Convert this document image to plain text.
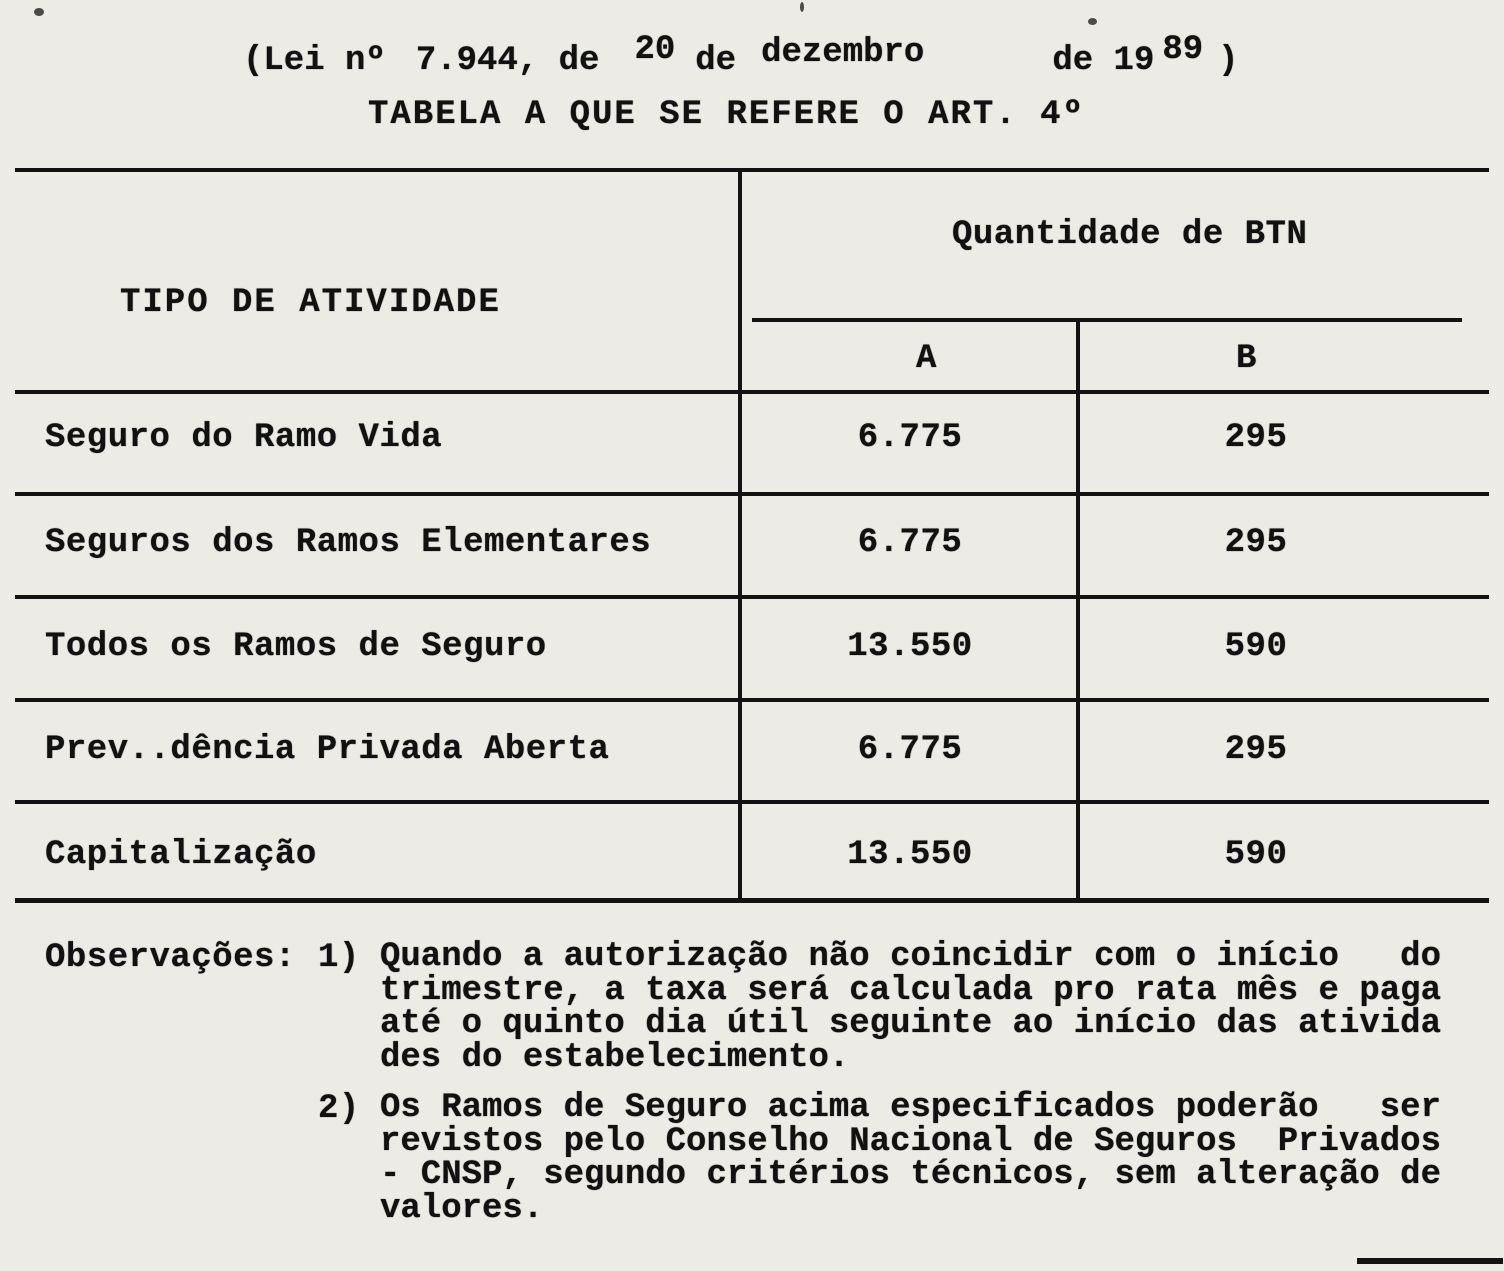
(Lei nº 7.944, de 20 de dezembro	de 19 89 )
TABELA A QUE SE REFERE O ART. 4º
TIPO DE ATIVIDADE
Quantidade de BTN
A	B
Seguro do Ramo Vida	6.775	295
Seguros dos Ramos Elementares	6.775	295
Todos os Ramos de Seguro	13.550	590
Prev..dência Privada Aberta	6.775	295
Capitalização	13.550	590
Observações: 1) Quando a autorização não coincidir com o início   do
trimestre, a taxa será calculada pro rata mês e paga
até o quinto dia útil seguinte ao início das ativida
des do estabelecimento.
2) Os Ramos de Seguro acima especificados poderão   ser
revistos pelo Conselho Nacional de Seguros  Privados
- CNSP, segundo critérios técnicos, sem alteração de
valores.
